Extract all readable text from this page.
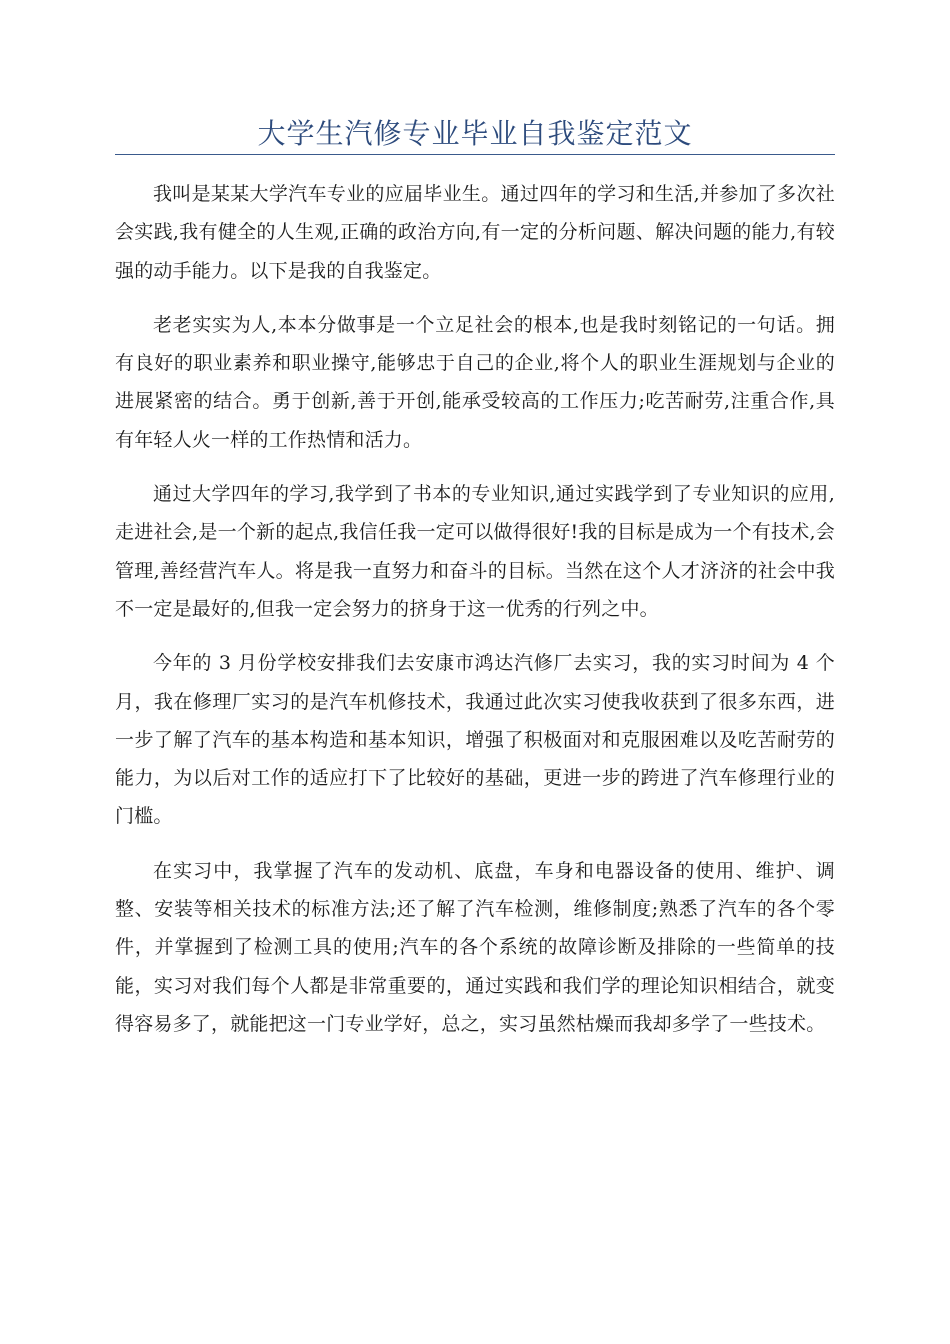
大学生汽修专业毕业自我鉴定范文

我叫是某某大学汽车专业的应届毕业生。通过四年的学习和生活,并参加了多次社会实践,我有健全的人生观,正确的政治方向,有一定的分析问题、解决问题的能力,有较强的动手能力。以下是我的自我鉴定。

老老实实为人,本本分做事是一个立足社会的根本,也是我时刻铭记的一句话。拥有良好的职业素养和职业操守,能够忠于自己的企业,将个人的职业生涯规划与企业的进展紧密的结合。勇于创新,善于开创,能承受较高的工作压力;吃苦耐劳,注重合作,具有年轻人火一样的工作热情和活力。

通过大学四年的学习,我学到了书本的专业知识,通过实践学到了专业知识的应用,走进社会,是一个新的起点,我信任我一定可以做得很好!我的目标是成为一个有技术,会管理,善经营汽车人。将是我一直努力和奋斗的目标。当然在这个人才济济的社会中我不一定是最好的,但我一定会努力的挤身于这一优秀的行列之中。

今年的 3 月份学校安排我们去安康市鸿达汽修厂去实习，我的实习时间为 4 个月，我在修理厂实习的是汽车机修技术，我通过此次实习使我收获到了很多东西，进一步了解了汽车的基本构造和基本知识，增强了积极面对和克服困难以及吃苦耐劳的能力，为以后对工作的适应打下了比较好的基础，更进一步的跨进了汽车修理行业的门槛。

在实习中，我掌握了汽车的发动机、底盘，车身和电器设备的使用、维护、调整、安装等相关技术的标准方法;还了解了汽车检测，维修制度;熟悉了汽车的各个零件，并掌握到了检测工具的使用;汽车的各个系统的故障诊断及排除的一些简单的技能，实习对我们每个人都是非常重要的，通过实践和我们学的理论知识相结合，就变得容易多了，就能把这一门专业学好，总之，实习虽然枯燥而我却多学了一些技术。
